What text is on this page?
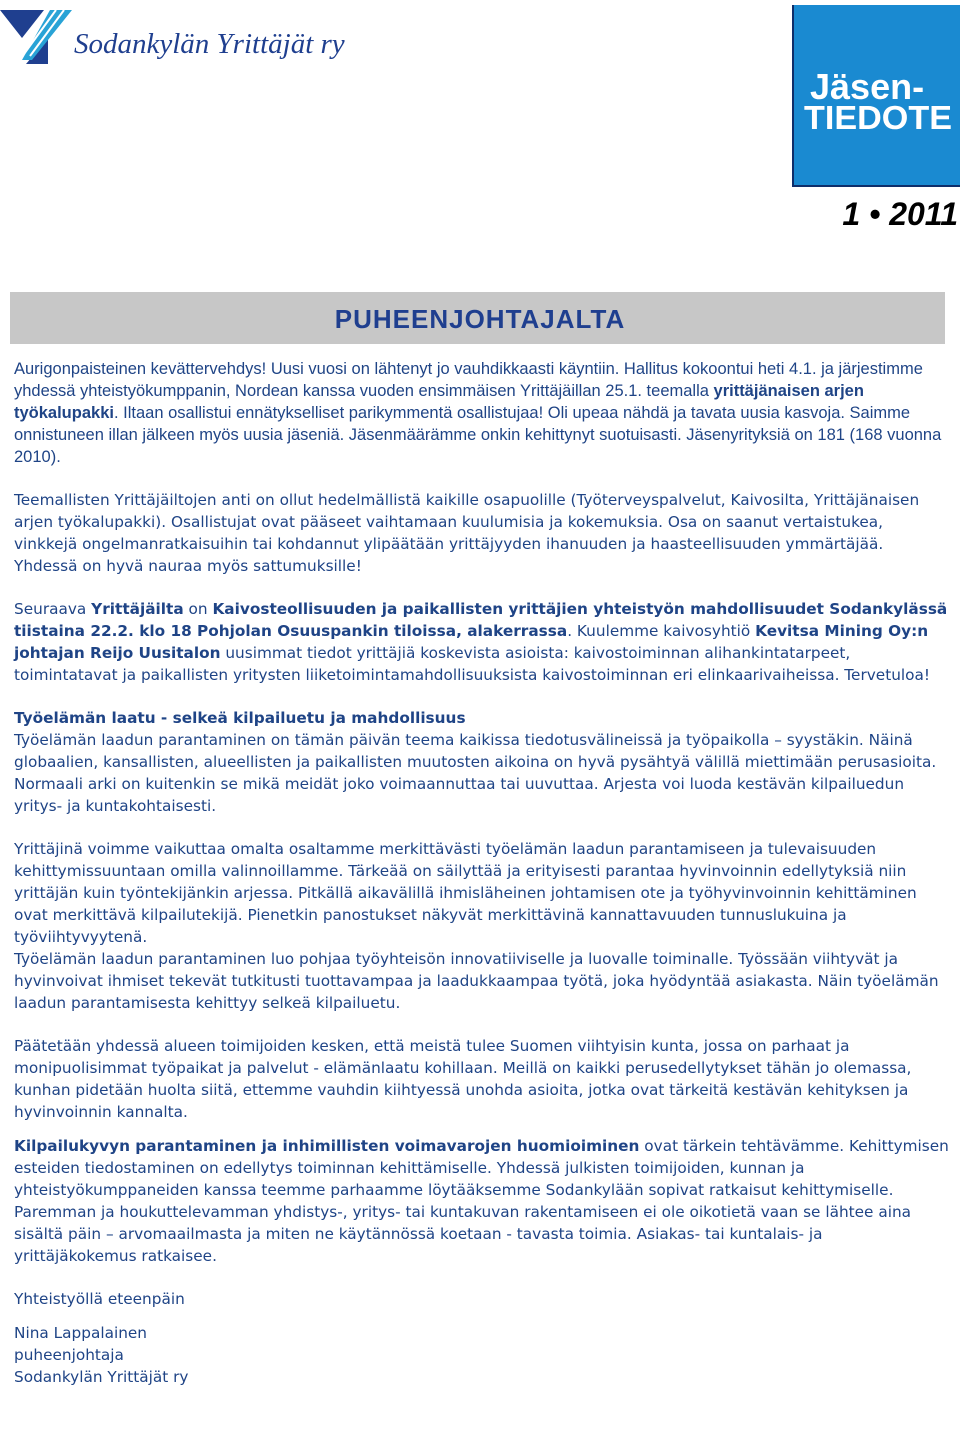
Sodankylän Yrittäjät ry
Jäsen-
TIEDOTE
1 • 2011
PUHEENJOHTAJALTA

Aurigonpaisteinen kevättervehdys! Uusi vuosi on lähtenyt jo vauhdikkaasti käyntiin. Hallitus kokoontui heti 4.1. ja järjestimme yhdessä yhteistyökumppanin, Nordean kanssa vuoden ensimmäisen Yrittäjäillan 25.1. teemalla yrittäjänaisen arjen työkalupakki. Iltaan osallistui ennätykselliset parikymmentä osallistujaa! Oli upeaa nähdä ja tavata uusia kasvoja. Saimme onnistuneen illan jälkeen myös uusia jäseniä. Jäsenmäärämme onkin kehittynyt suotuisasti. Jäsenyrityksiä on 181 (168 vuonna 2010).

Teemallisten Yrittäjäiltojen anti on ollut hedelmällistä kaikille osapuolille (Työterveyspalvelut, Kaivosilta, Yrittäjänaisen arjen työkalupakki). Osallistujat ovat pääseet vaihtamaan kuulumisia ja kokemuksia. Osa on saanut vertaistukea, vinkkejä ongelmanratkaisuihin tai kohdannut ylipäätään yrittäjyyden ihanuuden ja haasteellisuuden ymmärtäjää. Yhdessä on hyvä nauraa myös sattumuksille!

Seuraava Yrittäjäilta on Kaivosteollisuuden ja paikallisten yrittäjien yhteistyön mahdollisuudet Sodankylässä tiistaina 22.2. klo 18 Pohjolan Osuuspankin tiloissa, alakerrassa. Kuulemme kaivosyhtiö Kevitsa Mining Oy:n johtajan Reijo Uusitalon uusimmat tiedot yrittäjiä koskevista asioista: kaivostoiminnan alihankintatarpeet, toimintatavat ja paikallisten yritysten liiketoimintamahdollisuuksista kaivostoiminnan eri elinkaarivaiheissa. Tervetuloa!

Työelämän laatu - selkeä kilpailuetu ja mahdollisuus
Työelämän laadun parantaminen on tämän päivän teema kaikissa tiedotusvälineissä ja työpaikolla – syystäkin. Näinä globaalien, kansallisten, alueellisten ja paikallisten muutosten aikoina on hyvä pysähtyä välillä miettimään perusasioita. Normaali arki on kuitenkin se mikä meidät joko voimaannuttaa tai uuvuttaa. Arjesta voi luoda kestävän kilpailuedun yritys- ja kuntakohtaisesti.

Yrittäjinä voimme vaikuttaa omalta osaltamme merkittävästi työelämän laadun parantamiseen ja tulevaisuuden kehittymissuuntaan omilla valinnoillamme. Tärkeää on säilyttää ja erityisesti parantaa hyvinvoinnin edellytyksiä niin yrittäjän kuin työntekijänkin arjessa. Pitkällä aikavälillä ihmisläheinen johtamisen ote ja työhyvinvoinnin kehittäminen ovat merkittävä kilpailutekijä. Pienetkin panostukset näkyvät merkittävinä kannattavuuden tunnuslukuina ja työviihtyvyytenä.
Työelämän laadun parantaminen luo pohjaa työyhteisön innovatiiviselle ja luovalle toiminalle. Työssään viihtyvät ja hyvinvoivat ihmiset tekevät tutkitusti tuottavampaa ja laadukkaampaa työtä, joka hyödyntää asiakasta. Näin työelämän laadun parantamisesta kehittyy selkeä kilpailuetu.

Päätetään yhdessä alueen toimijoiden kesken, että meistä tulee Suomen viihtyisin kunta, jossa on parhaat ja monipuolisimmat työpaikat ja palvelut - elämänlaatu kohillaan. Meillä on kaikki perusedellytykset tähän jo olemassa, kunhan pidetään huolta siitä, ettemme vauhdin kiihtyessä unohda asioita, jotka ovat tärkeitä kestävän kehityksen ja hyvinvoinnin kannalta.

Kilpailukyvyn parantaminen ja inhimillisten voimavarojen huomioiminen ovat tärkein tehtävämme. Kehittymisen esteiden tiedostaminen on edellytys toiminnan kehittämiselle. Yhdessä julkisten toimijoiden, kunnan ja yhteistyökumppaneiden kanssa teemme parhaamme löytääksemme Sodankylään sopivat ratkaisut kehittymiselle. Paremman ja houkuttelevamman yhdistys-, yritys- tai kuntakuvan rakentamiseen ei ole oikotietä vaan se lähtee aina sisältä päin – arvomaailmasta ja miten ne käytännössä koetaan - tavasta toimia. Asiakas- tai kuntalais- ja yrittäjäkokemus ratkaisee.

Yhteistyöllä eteenpäin

Nina Lappalainen

puheenjohtaja

Sodankylän Yrittäjät ry
